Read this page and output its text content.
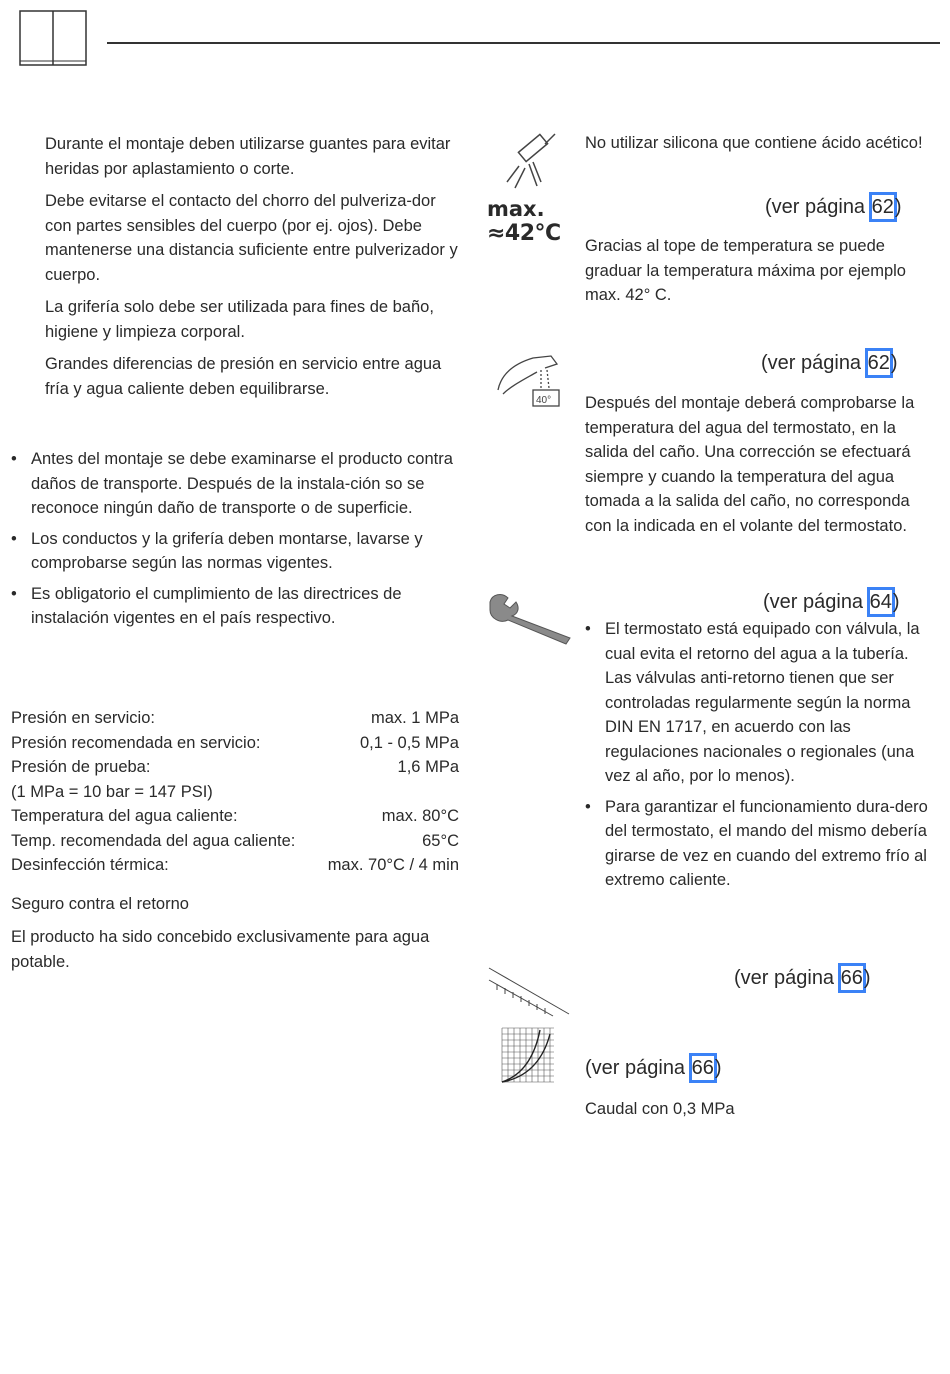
Durante el montaje deben utilizarse guantes para evitar heridas por aplastamiento o corte.

Debe evitarse el contacto del chorro del pulveriza-dor con partes sensibles del cuerpo (por ej. ojos). Debe mantenerse una distancia suficiente entre pulverizador y cuerpo.

La grifería solo debe ser utilizada para fines de baño, higiene y limpieza corporal.

Grandes diferencias de presión en servicio entre agua fría y agua caliente deben equilibrarse.

• Antes del montaje se debe examinarse el producto contra daños de transporte. Después de la instala-ción so se reconoce ningún daño de transporte o de superficie.
• Los conductos y la grifería deben montarse, lavarse y comprobarse según las normas vigentes.
• Es obligatorio el cumplimiento de las directrices de instalación vigentes en el país respectivo.
Presión en servicio:	max. 1 MPa
Presión recomendada en servicio:	0,1 - 0,5 MPa
Presión de prueba:	1,6 MPa
(1 MPa = 10 bar = 147 PSI)
Temperatura del agua caliente:	max. 80°C
Temp. recomendada del agua caliente:	65°C
Desinfección térmica:	max. 70°C / 4 min
Seguro contra el retorno
El producto ha sido concebido exclusivamente para agua potable.
max.
≈42°C
No utilizar silicona que contiene ácido acético!
(ver página 62)
Gracias al tope de temperatura se puede graduar la temperatura máxima por ejemplo max. 42° C.
40°
(ver página 62)
Después del montaje deberá comprobarse la temperatura del agua del termostato, en la salida del caño. Una corrección se efectuará siempre y cuando la temperatura del agua tomada a la salida del caño, no corresponda con la indicada en el volante del termostato.
(ver página 64)
• El termostato está equipado con válvula, la cual evita el retorno del agua a la tubería. Las válvulas anti-retorno tienen que ser controladas regularmente según la norma DIN EN 1717, en acuerdo con las regulaciones nacionales o regionales (una vez al año, por lo menos).
• Para garantizar el funcionamiento dura-dero del termostato, el mando del mismo debería girarse de vez en cuando del extremo frío al extremo caliente.
(ver página 66)
(ver página 66)
Caudal con 0,3 MPa
